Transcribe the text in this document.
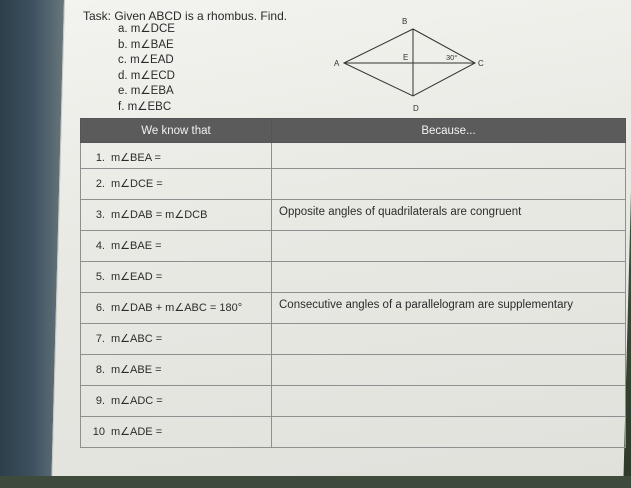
Task: Given ABCD is a rhombus. Find.
a. m∠DCE
b. m∠BAE
c. m∠EAD
d. m∠ECD
e. m∠EBA
f. m∠EBC
A
B
C
D
E	30°
We know that	Because...

1. m∠BEA =	

2. m∠DCE =	

3. m∠DAB = m∠DCB	Opposite angles of quadrilaterals are congruent

4. m∠BAE =	

5. m∠EAD =	

6. m∠DAB + m∠ABC = 180°	Consecutive angles of a parallelogram are supplementary

7. m∠ABC =	

8. m∠ABE =	

9. m∠ADC =	

10 m∠ADE =	
